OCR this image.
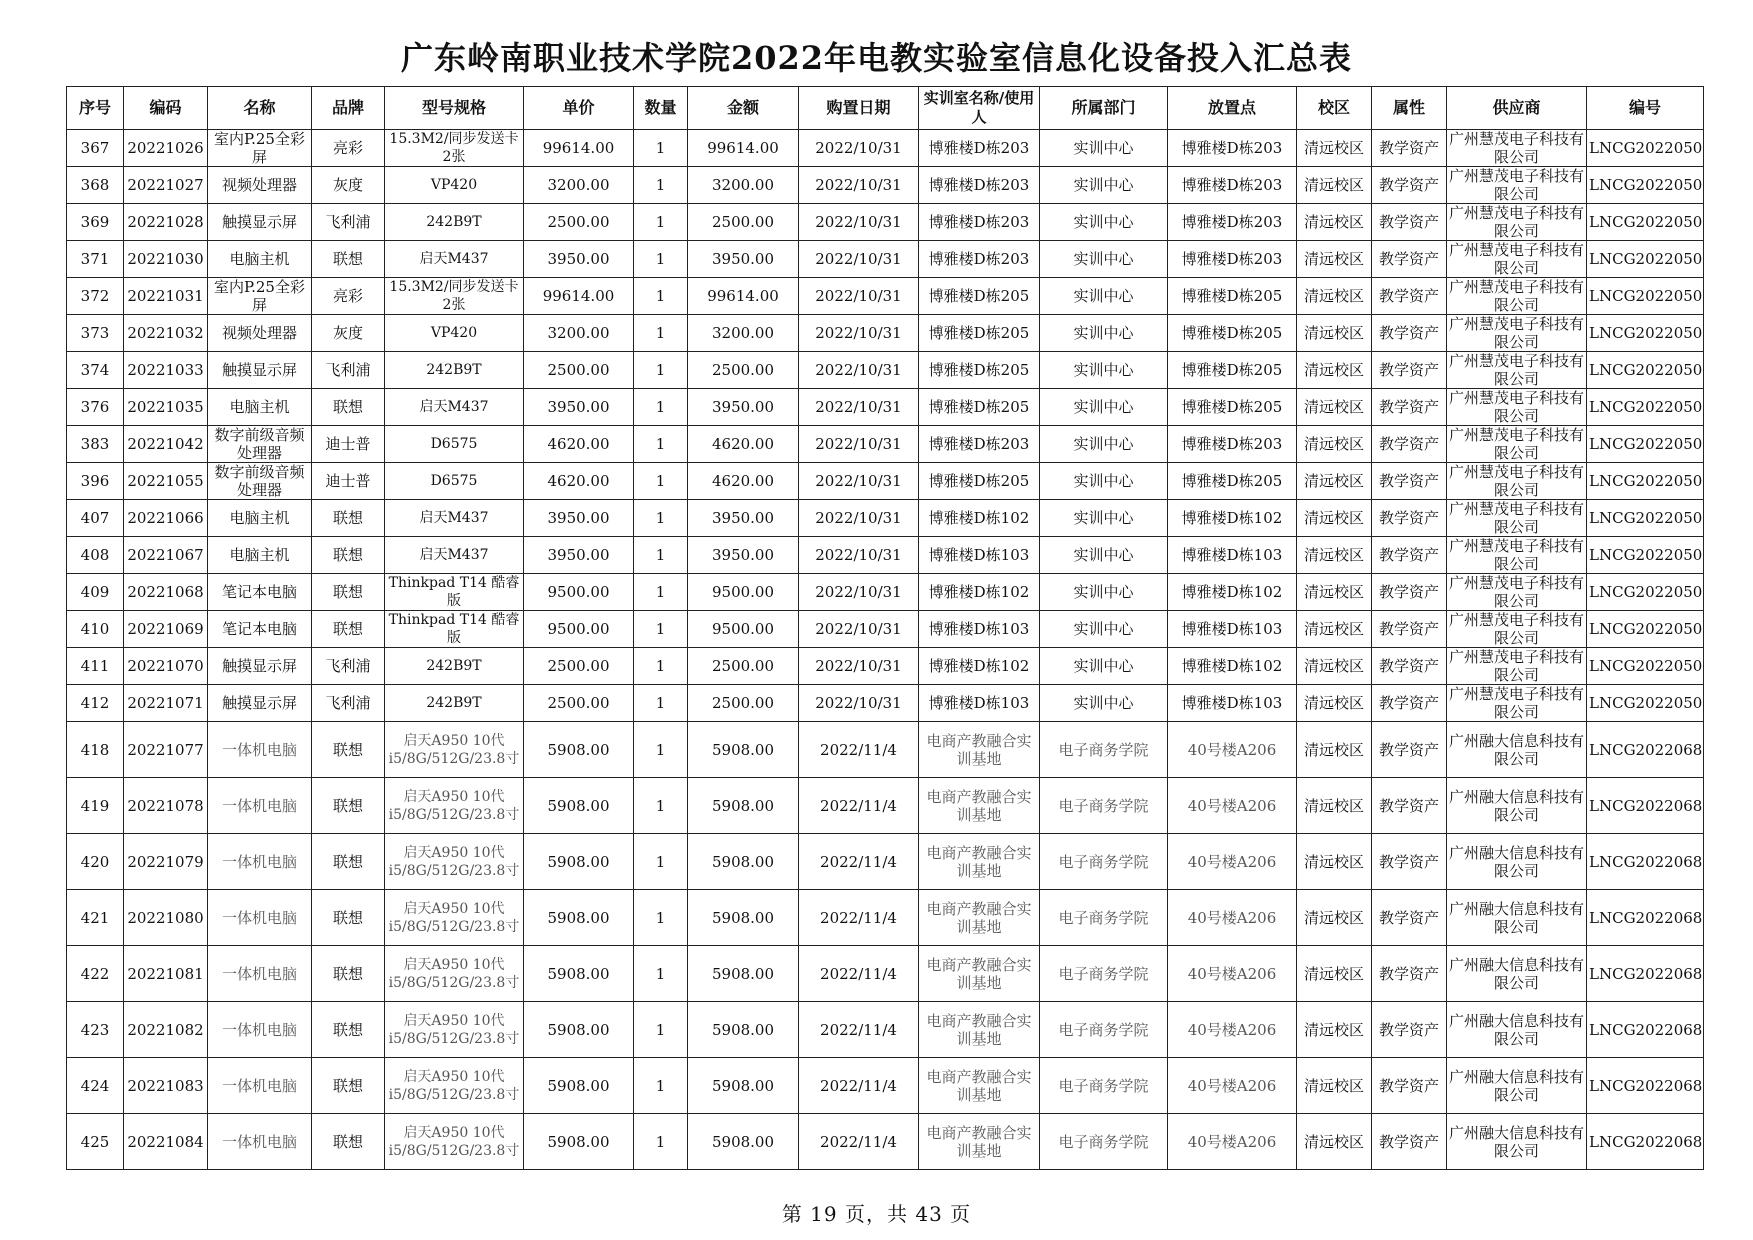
广东岭南职业技术学院2022年电教实验室信息化设备投入汇总表
序号	编码	名称	品牌	型号规格	单价	数量	金额	购置日期	实训室名称/使用人	所属部门	放置点	校区	属性	供应商	编号
367	20221026	室内P.25全彩屏	亮彩	15.3M2/同步发送卡2张	99614.00	1	99614.00	2022/10/31	博雅楼D栋203	实训中心	博雅楼D栋203	清远校区	教学资产	广州慧茂电子科技有限公司	LNCG2022050
368	20221027	视频处理器	灰度	VP420	3200.00	1	3200.00	2022/10/31	博雅楼D栋203	实训中心	博雅楼D栋203	清远校区	教学资产	广州慧茂电子科技有限公司	LNCG2022050
369	20221028	触摸显示屏	飞利浦	242B9T	2500.00	1	2500.00	2022/10/31	博雅楼D栋203	实训中心	博雅楼D栋203	清远校区	教学资产	广州慧茂电子科技有限公司	LNCG2022050
371	20221030	电脑主机	联想	启天M437	3950.00	1	3950.00	2022/10/31	博雅楼D栋203	实训中心	博雅楼D栋203	清远校区	教学资产	广州慧茂电子科技有限公司	LNCG2022050
372	20221031	室内P.25全彩屏	亮彩	15.3M2/同步发送卡2张	99614.00	1	99614.00	2022/10/31	博雅楼D栋205	实训中心	博雅楼D栋205	清远校区	教学资产	广州慧茂电子科技有限公司	LNCG2022050
373	20221032	视频处理器	灰度	VP420	3200.00	1	3200.00	2022/10/31	博雅楼D栋205	实训中心	博雅楼D栋205	清远校区	教学资产	广州慧茂电子科技有限公司	LNCG2022050
374	20221033	触摸显示屏	飞利浦	242B9T	2500.00	1	2500.00	2022/10/31	博雅楼D栋205	实训中心	博雅楼D栋205	清远校区	教学资产	广州慧茂电子科技有限公司	LNCG2022050
376	20221035	电脑主机	联想	启天M437	3950.00	1	3950.00	2022/10/31	博雅楼D栋205	实训中心	博雅楼D栋205	清远校区	教学资产	广州慧茂电子科技有限公司	LNCG2022050
383	20221042	数字前级音频处理器	迪士普	D6575	4620.00	1	4620.00	2022/10/31	博雅楼D栋203	实训中心	博雅楼D栋203	清远校区	教学资产	广州慧茂电子科技有限公司	LNCG2022050
396	20221055	数字前级音频处理器	迪士普	D6575	4620.00	1	4620.00	2022/10/31	博雅楼D栋205	实训中心	博雅楼D栋205	清远校区	教学资产	广州慧茂电子科技有限公司	LNCG2022050
407	20221066	电脑主机	联想	启天M437	3950.00	1	3950.00	2022/10/31	博雅楼D栋102	实训中心	博雅楼D栋102	清远校区	教学资产	广州慧茂电子科技有限公司	LNCG2022050
408	20221067	电脑主机	联想	启天M437	3950.00	1	3950.00	2022/10/31	博雅楼D栋103	实训中心	博雅楼D栋103	清远校区	教学资产	广州慧茂电子科技有限公司	LNCG2022050
409	20221068	笔记本电脑	联想	Thinkpad T14 酷睿版	9500.00	1	9500.00	2022/10/31	博雅楼D栋102	实训中心	博雅楼D栋102	清远校区	教学资产	广州慧茂电子科技有限公司	LNCG2022050
410	20221069	笔记本电脑	联想	Thinkpad T14 酷睿版	9500.00	1	9500.00	2022/10/31	博雅楼D栋103	实训中心	博雅楼D栋103	清远校区	教学资产	广州慧茂电子科技有限公司	LNCG2022050
411	20221070	触摸显示屏	飞利浦	242B9T	2500.00	1	2500.00	2022/10/31	博雅楼D栋102	实训中心	博雅楼D栋102	清远校区	教学资产	广州慧茂电子科技有限公司	LNCG2022050
412	20221071	触摸显示屏	飞利浦	242B9T	2500.00	1	2500.00	2022/10/31	博雅楼D栋103	实训中心	博雅楼D栋103	清远校区	教学资产	广州慧茂电子科技有限公司	LNCG2022050
418	20221077	一体机电脑	联想	启天A950 10代i5/8G/512G/23.8寸	5908.00	1	5908.00	2022/11/4	电商产教融合实训基地	电子商务学院	40号楼A206	清远校区	教学资产	广州融大信息科技有限公司	LNCG2022068
419	20221078	一体机电脑	联想	启天A950 10代i5/8G/512G/23.8寸	5908.00	1	5908.00	2022/11/4	电商产教融合实训基地	电子商务学院	40号楼A206	清远校区	教学资产	广州融大信息科技有限公司	LNCG2022068
420	20221079	一体机电脑	联想	启天A950 10代i5/8G/512G/23.8寸	5908.00	1	5908.00	2022/11/4	电商产教融合实训基地	电子商务学院	40号楼A206	清远校区	教学资产	广州融大信息科技有限公司	LNCG2022068
421	20221080	一体机电脑	联想	启天A950 10代i5/8G/512G/23.8寸	5908.00	1	5908.00	2022/11/4	电商产教融合实训基地	电子商务学院	40号楼A206	清远校区	教学资产	广州融大信息科技有限公司	LNCG2022068
422	20221081	一体机电脑	联想	启天A950 10代i5/8G/512G/23.8寸	5908.00	1	5908.00	2022/11/4	电商产教融合实训基地	电子商务学院	40号楼A206	清远校区	教学资产	广州融大信息科技有限公司	LNCG2022068
423	20221082	一体机电脑	联想	启天A950 10代i5/8G/512G/23.8寸	5908.00	1	5908.00	2022/11/4	电商产教融合实训基地	电子商务学院	40号楼A206	清远校区	教学资产	广州融大信息科技有限公司	LNCG2022068
424	20221083	一体机电脑	联想	启天A950 10代i5/8G/512G/23.8寸	5908.00	1	5908.00	2022/11/4	电商产教融合实训基地	电子商务学院	40号楼A206	清远校区	教学资产	广州融大信息科技有限公司	LNCG2022068
425	20221084	一体机电脑	联想	启天A950 10代i5/8G/512G/23.8寸	5908.00	1	5908.00	2022/11/4	电商产教融合实训基地	电子商务学院	40号楼A206	清远校区	教学资产	广州融大信息科技有限公司	LNCG2022068
第 19 页，共 43 页
